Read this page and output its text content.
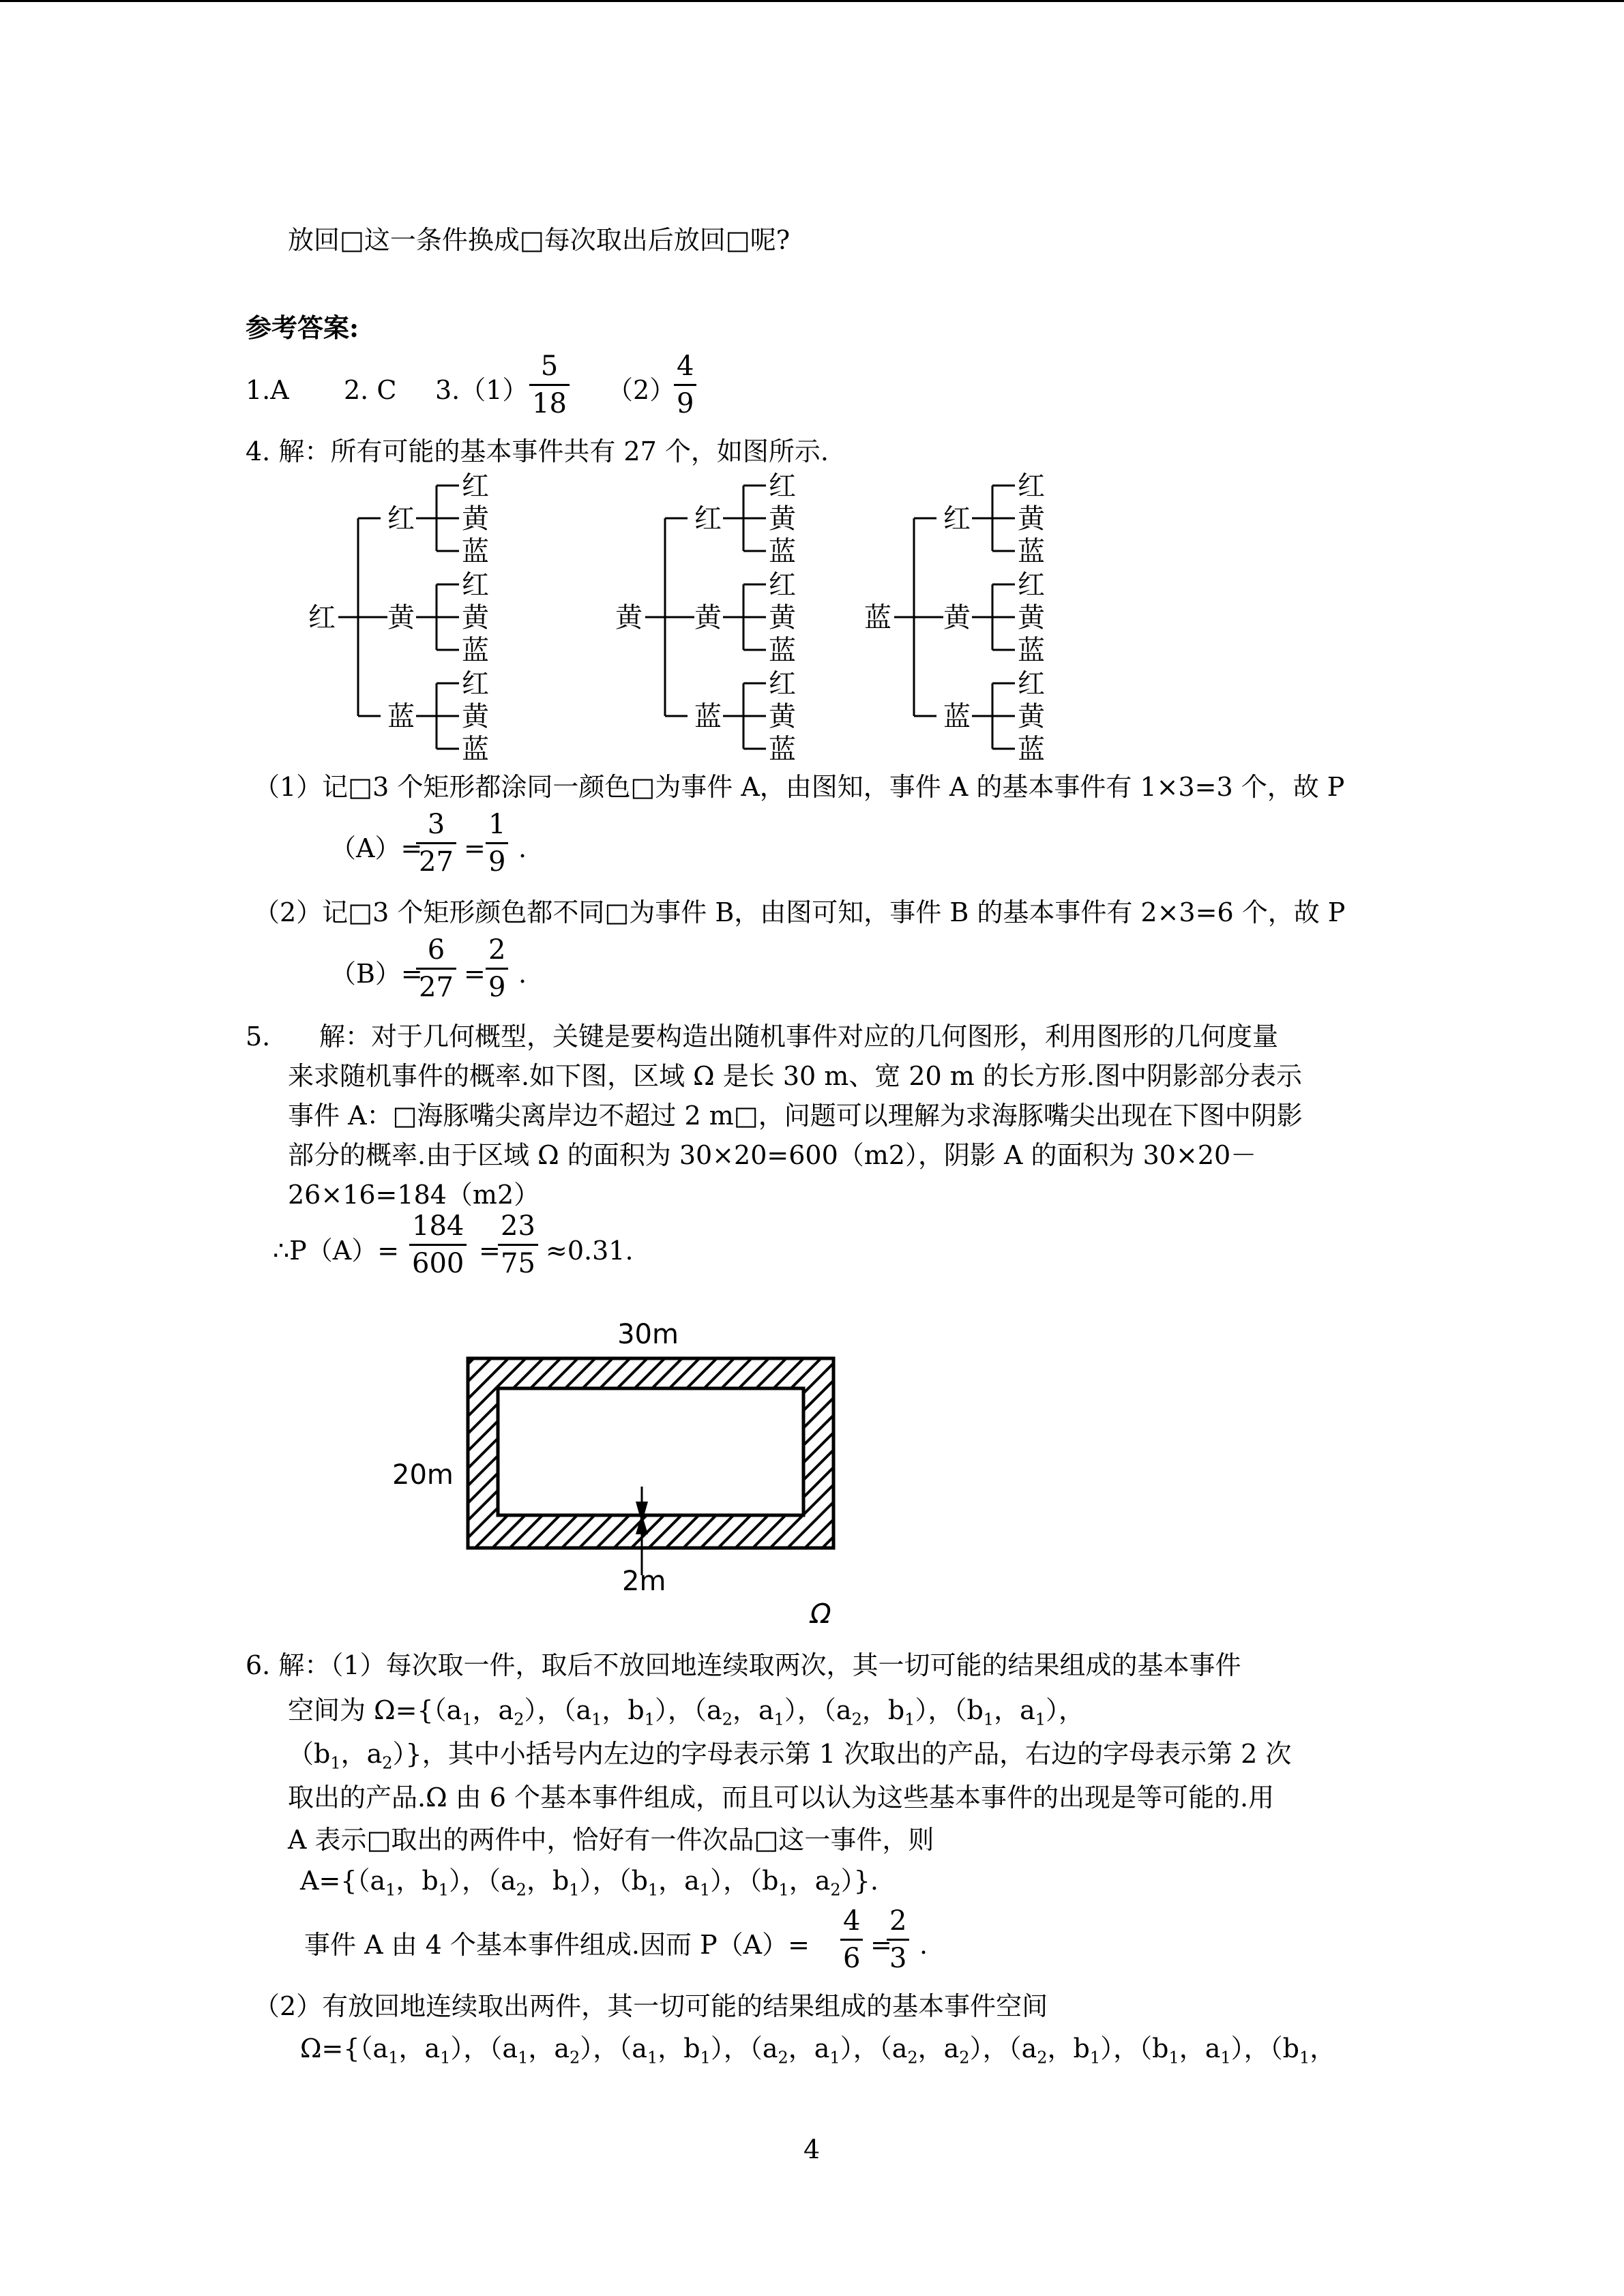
放回□这一条件换成□每次取出后放回□呢?
参考答案:
1.A 2. C $3.(1) \frac{5}{18} (2)$
$\frac{4}{9}$
4. 解：所有可能的基本事件共有 27 个，如图所示.
红
红
红
黄
蓝
黄
红
黄
蓝
蓝
红
黄
蓝
黄
红
红
黄
蓝
黄
红
黄
蓝
蓝
红
黄
蓝
蓝
红
红
黄
蓝
黄
红
黄
蓝
蓝
红
黄
蓝
（1）记□3 个矩形都涂同一颜色□为事件 A，由图知，事件 A 的基本事件有 1×3=3 个，故 P
（A）=
$\frac{3}{27} = \frac{1}{9}$ .
（2）记□3 个矩形颜色都不同□为事件 B，由图可知，事件 B 的基本事件有 2×3=6 个，故 P
（B）=
$\frac{6}{27} = \frac{2}{9}$ .
5. 解：对于几何概型，关键是要构造出随机事件对应的几何图形，利用图形的几何度量
来求随机事件的概率.如下图，区域 Ω 是长 30 m、宽 20 m 的长方形.图中阴影部分表示
事件 A：□海豚嘴尖离岸边不超过 2 m□，问题可以理解为求海豚嘴尖出现在下图中阴影
部分的概率.由于区域 Ω 的面积为 30×20=600（m2），阴影 A 的面积为 30×20－
26×16=184（m2）
∴P（A）= $\frac{184}{600}$ =
$\frac{23}{75} \approx 0.31$.
30m
20m
2m
Ω
6. 解：（1）每次取一件，取后不放回地连续取两次，其一切可能的结果组成的基本事件
空间为 $\Omega=\{(a_1$，$a_2$），（$a_1$，$b_1$），（$a_2$，$a_1$），（$a_2$，$b_1$），（$b_1$，$a_1$），
（$b_1$，$a_2$）}，其中小括号内左边的字母表示第 1 次取出的产品，右边的字母表示第 2 次
取出的产品.Ω 由 6 个基本事件组成，而且可以认为这些基本事件的出现是等可能的.用
A 表示□取出的两件中，恰好有一件次品□这一事件，则
$A=\{(a_1$，$b_1$），（$a_2$，$b_1$），（$b_1$，$a_1$），（$b_1$，$a_2$）}.
事件 A 由 4 个基本事件组成.因而 $P(A)= \frac{4}{6}$ =
$\frac{2}{3}$ .
（2）有放回地连续取出两件，其一切可能的结果组成的基本事件空间
$\Omega=\{(a_1$，$a_1$），（$a_1$，$a_2$），（$a_1$，$b_1$），（$a_2$，$a_1$），（$a_2$，$a_2$），（$a_2$，$b_1$），（$b_1$，$a_1$），（$b_1$，
4
